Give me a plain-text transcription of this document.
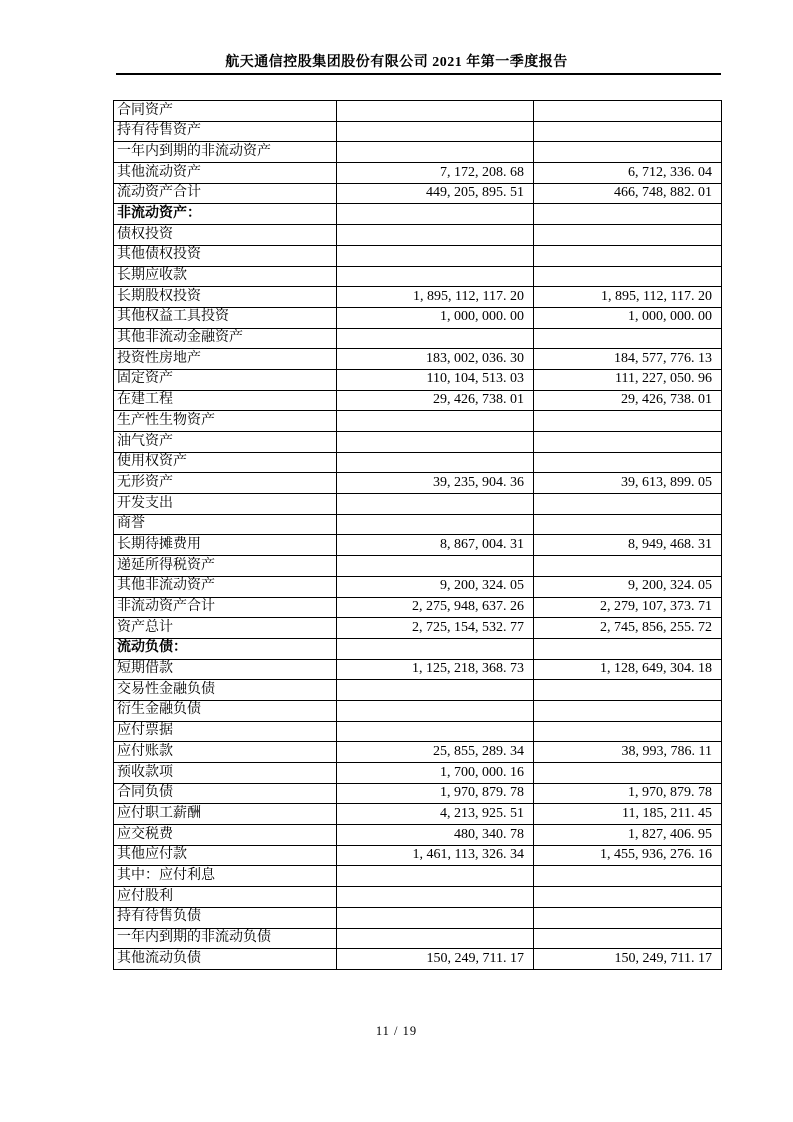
航天通信控股集团股份有限公司 2021 年第一季度报告
合同资产		
持有待售资产		
一年内到期的非流动资产		
其他流动资产	7, 172, 208. 68	6, 712, 336. 04
流动资产合计	449, 205, 895. 51	466, 748, 882. 01
非流动资产：		
债权投资		
其他债权投资		
长期应收款		
长期股权投资	1, 895, 112, 117. 20	1, 895, 112, 117. 20
其他权益工具投资	1, 000, 000. 00	1, 000, 000. 00
其他非流动金融资产		
投资性房地产	183, 002, 036. 30	184, 577, 776. 13
固定资产	110, 104, 513. 03	111, 227, 050. 96
在建工程	29, 426, 738. 01	29, 426, 738. 01
生产性生物资产		
油气资产		
使用权资产		
无形资产	39, 235, 904. 36	39, 613, 899. 05
开发支出		
商誉		
长期待摊费用	8, 867, 004. 31	8, 949, 468. 31
递延所得税资产		
其他非流动资产	9, 200, 324. 05	9, 200, 324. 05
非流动资产合计	2, 275, 948, 637. 26	2, 279, 107, 373. 71
资产总计	2, 725, 154, 532. 77	2, 745, 856, 255. 72
流动负债：		
短期借款	1, 125, 218, 368. 73	1, 128, 649, 304. 18
交易性金融负债		
衍生金融负债		
应付票据		
应付账款	25, 855, 289. 34	38, 993, 786. 11
预收款项	1, 700, 000. 16	
合同负债	1, 970, 879. 78	1, 970, 879. 78
应付职工薪酬	4, 213, 925. 51	11, 185, 211. 45
应交税费	480, 340. 78	1, 827, 406. 95
其他应付款	1, 461, 113, 326. 34	1, 455, 936, 276. 16
其中：应付利息		
应付股利		
持有待售负债		
一年内到期的非流动负债		
其他流动负债	150, 249, 711. 17	150, 249, 711. 17
11 / 19
